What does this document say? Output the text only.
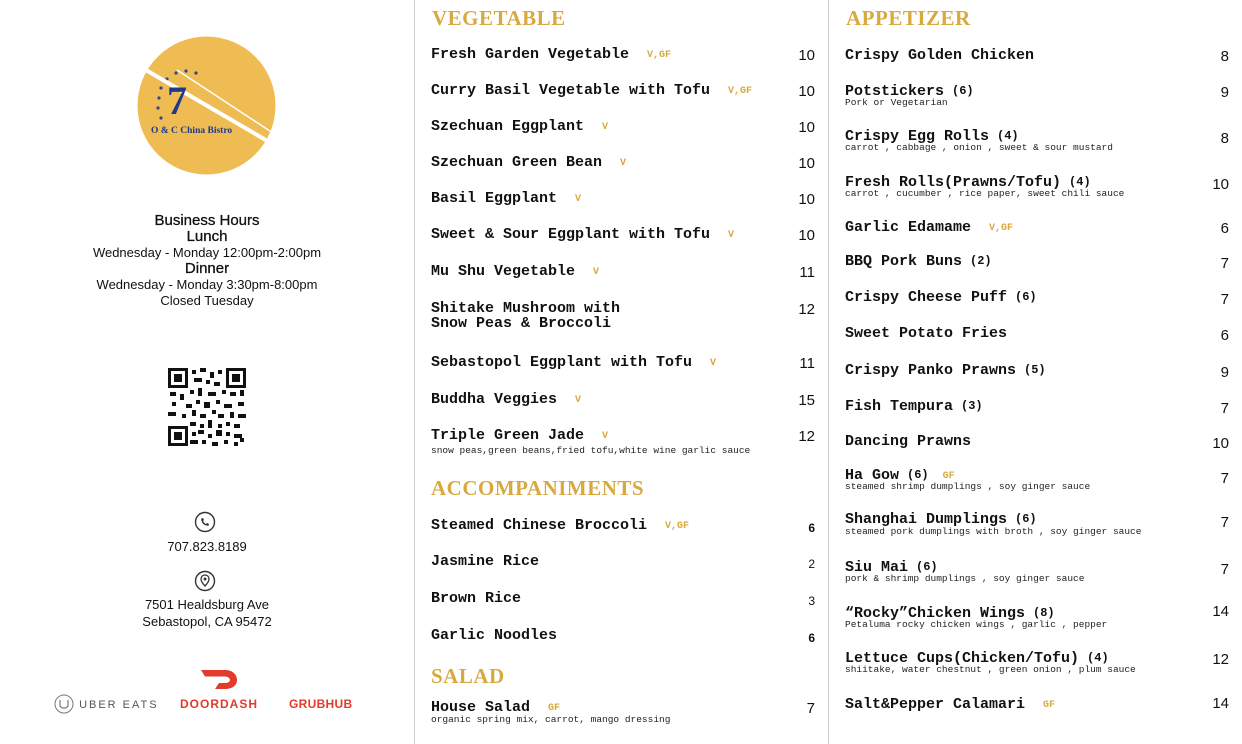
7
O & C China Bistro
Business Hours
Lunch
Wednesday - Monday 12:00pm-2:00pm
Dinner
Wednesday - Monday 3:30pm-8:00pm
Closed Tuesday
707.823.8189
7501 Healdsburg Ave
Sebastopol, CA 95472
UBER EATS	DOORDASH	GRUBHUB
VEGETABLE
Fresh Garden Vegetable V,GF	10
Curry Basil Vegetable with Tofu V,GF	10
Szechuan Eggplant V	10
Szechuan Green Bean V	10
Basil Eggplant V	10
Sweet & Sour Eggplant with Tofu V	10
Mu Shu Vegetable V	11
Shitake Mushroom with
Snow Peas & Broccoli
12
Sebastopol Eggplant with Tofu V	11
Buddha Veggies V	15
Triple Green Jade V
snow peas,green beans,fried tofu,white wine garlic sauce
12
ACCOMPANIMENTS
Steamed Chinese Broccoli V,GF	6
Jasmine Rice	2
Brown Rice	3
Garlic Noodles	6
SALAD
House Salad GF
organic spring mix, carrot, mango dressing
7
APPETIZER
Crispy Golden Chicken	8
Potstickers (6)
Pork or Vegetarian
9
Crispy Egg Rolls (4)
carrot , cabbage , onion , sweet & sour mustard
8
Fresh Rolls(Prawns/Tofu) (4)
carrot , cucumber , rice paper, sweet chili sauce
10
Garlic Edamame V,GF	6
BBQ Pork Buns (2)	7
Crispy Cheese Puff (6)	7
Sweet Potato Fries	6
Crispy Panko Prawns (5)	9
Fish Tempura (3)	7
Dancing Prawns	10
Ha Gow (6) GF
steamed shrimp dumplings , soy ginger sauce	7
Shanghai Dumplings (6)
steamed pork dumplings with broth , soy ginger sauce
7
Siu Mai (6)
pork & shrimp dumplings , soy ginger sauce
7
“Rocky”Chicken Wings (8)
Petaluma rocky chicken wings , garlic , pepper
14
Lettuce Cups(Chicken/Tofu) (4)
shiitake, water chestnut , green onion , plum sauce
12
Salt&Pepper Calamari GF	14
